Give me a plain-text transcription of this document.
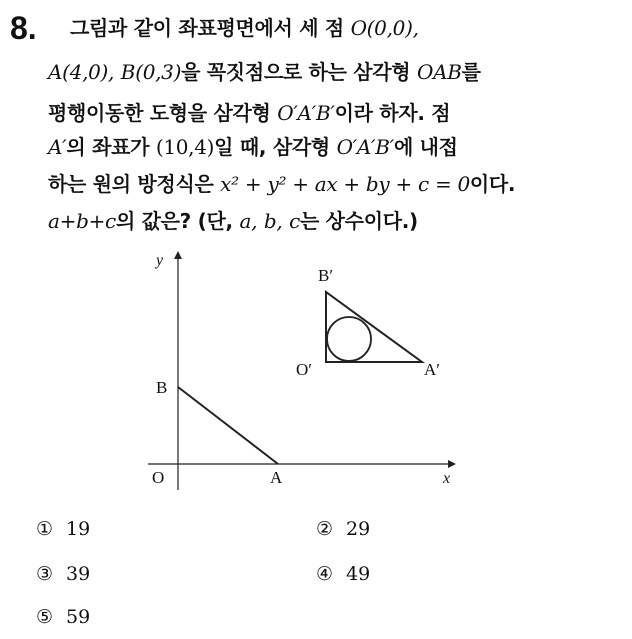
8. 그림과 같이 좌표평면에서 세 점 O(0,0),
A(4,0), B(0,3)을 꼭짓점으로 하는 삼각형 OAB를
평행이동한 도형을 삼각형 O′A′B′이라 하자. 점
A′의 좌표가 (10,4)일 때, 삼각형 O′A′B′에 내접
하는 원의 방정식은 x² + y² + ax + by + c = 0이다.
a+b+c의 값은? (단, a, b, c는 상수이다.)
x
y
O	A
B
O′	A′
B′
① 19	② 29
③ 39	④ 49
⑤ 59
